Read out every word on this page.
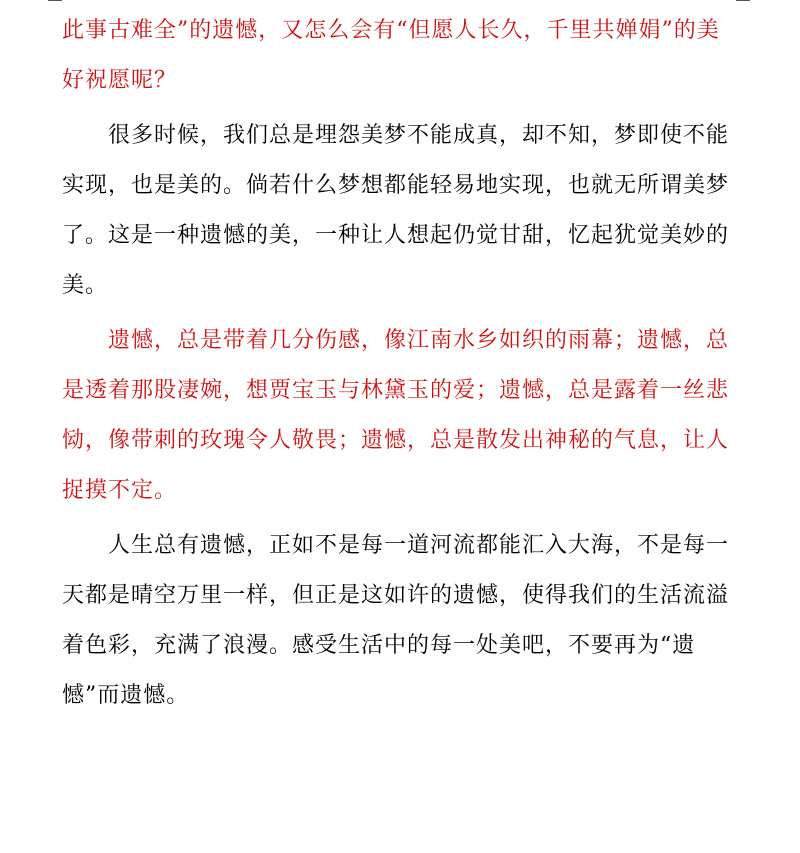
此事古难全”的遗憾，又怎么会有“但愿人长久，千里共婵娟”的美好祝愿呢？

很多时候，我们总是埋怨美梦不能成真，却不知，梦即使不能实现，也是美的。倘若什么梦想都能轻易地实现，也就无所谓美梦了。这是一种遗憾的美，一种让人想起仍觉甘甜，忆起犹觉美妙的美。

遗憾，总是带着几分伤感，像江南水乡如织的雨幕；遗憾，总是透着那股凄婉，想贾宝玉与林黛玉的爱；遗憾，总是露着一丝悲恸，像带刺的玫瑰令人敬畏；遗憾，总是散发出神秘的气息，让人捉摸不定。

人生总有遗憾，正如不是每一道河流都能汇入大海，不是每一天都是晴空万里一样，但正是这如许的遗憾，使得我们的生活流溢着色彩，充满了浪漫。感受生活中的每一处美吧，不要再为“遗憾”而遗憾。
